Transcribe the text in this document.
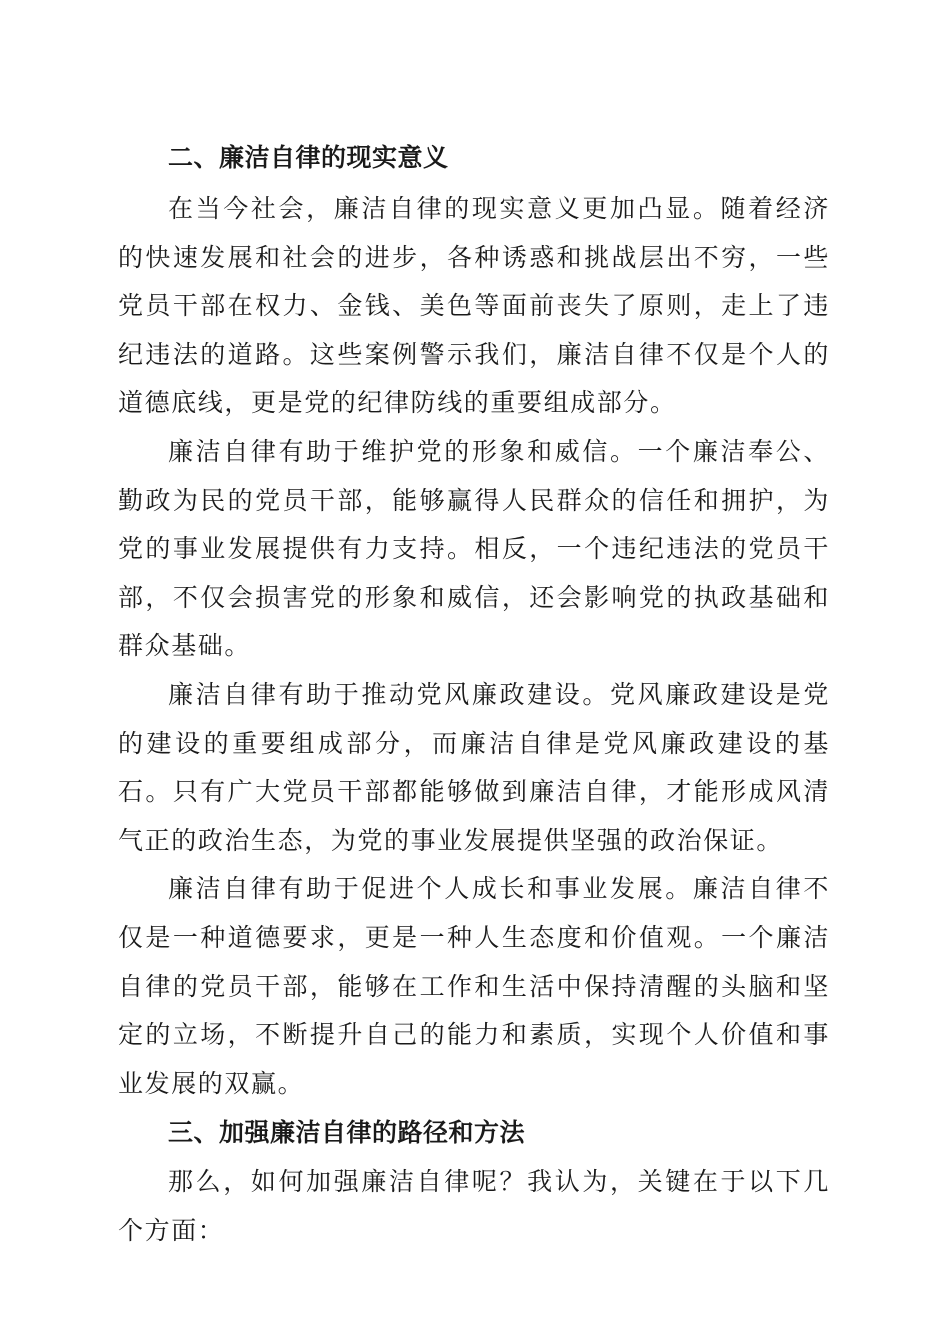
二、廉洁自律的现实意义

在当今社会，廉洁自律的现实意义更加凸显。随着经济的快速发展和社会的进步，各种诱惑和挑战层出不穷，一些党员干部在权力、金钱、美色等面前丧失了原则，走上了违纪违法的道路。这些案例警示我们，廉洁自律不仅是个人的道德底线，更是党的纪律防线的重要组成部分。

廉洁自律有助于维护党的形象和威信。一个廉洁奉公、勤政为民的党员干部，能够赢得人民群众的信任和拥护，为党的事业发展提供有力支持。相反，一个违纪违法的党员干部，不仅会损害党的形象和威信，还会影响党的执政基础和群众基础。

廉洁自律有助于推动党风廉政建设。党风廉政建设是党的建设的重要组成部分，而廉洁自律是党风廉政建设的基石。只有广大党员干部都能够做到廉洁自律，才能形成风清气正的政治生态，为党的事业发展提供坚强的政治保证。

廉洁自律有助于促进个人成长和事业发展。廉洁自律不仅是一种道德要求，更是一种人生态度和价值观。一个廉洁自律的党员干部，能够在工作和生活中保持清醒的头脑和坚定的立场，不断提升自己的能力和素质，实现个人价值和事业发展的双赢。

三、加强廉洁自律的路径和方法

那么，如何加强廉洁自律呢？我认为，关键在于以下几个方面：
